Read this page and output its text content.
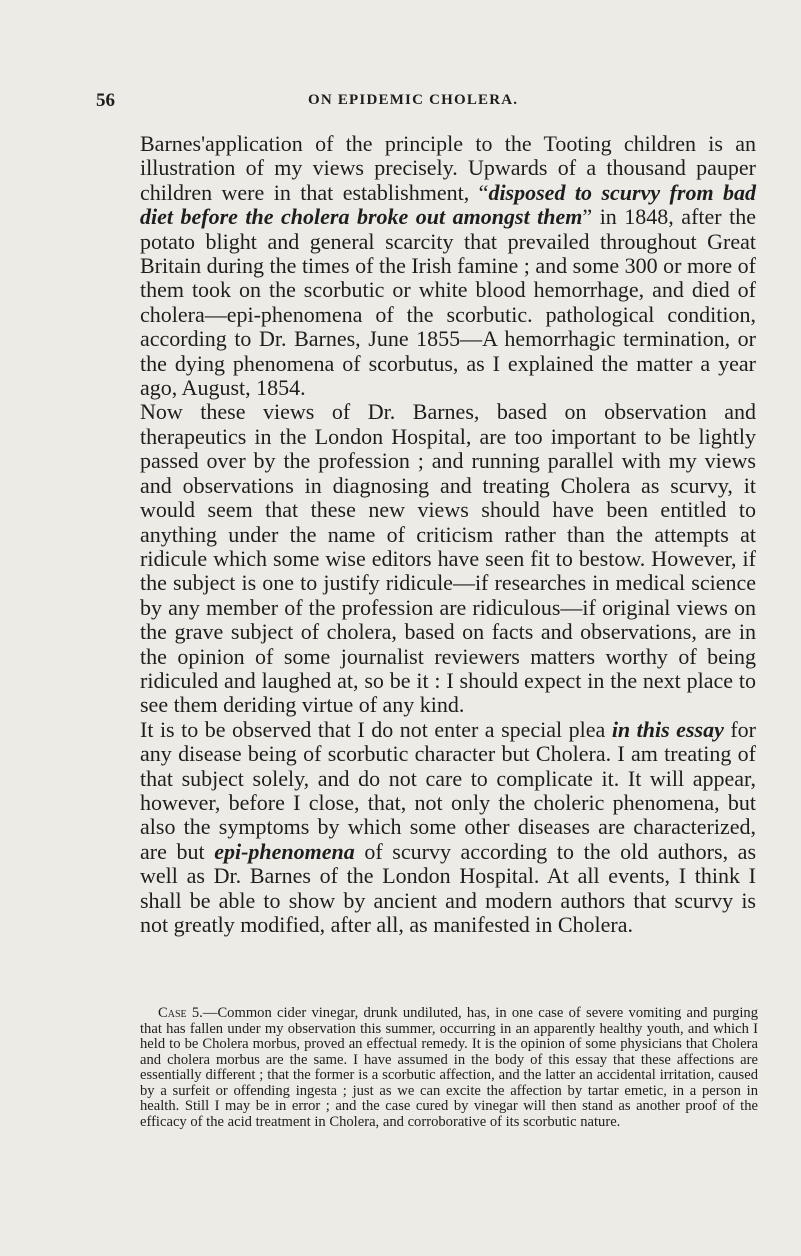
56	ON EPIDEMIC CHOLERA.

Barnes'application of the principle to the Tooting children is an illustration of my views precisely. Upwards of a thousand pauper children were in that establishment, “disposed to scurvy from bad diet before the cholera broke out amongst them” in 1848, after the potato blight and general scarcity that prevailed throughout Great Britain during the times of the Irish famine ; and some 300 or more of them took on the scorbutic or white blood hemorrhage, and died of cholera—epi-phenomena of the scorbutic. pathological condition, according to Dr. Barnes, June 1855—A hemorrhagic termination, or the dying phenomena of scorbutus, as I explained the matter a year ago, August, 1854.

Now these views of Dr. Barnes, based on observation and therapeutics in the London Hospital, are too important to be lightly passed over by the profession ; and running parallel with my views and observations in diagnosing and treating Cholera as scurvy, it would seem that these new views should have been entitled to anything under the name of criticism rather than the attempts at ridicule which some wise editors have seen fit to bestow. However, if the subject is one to justify ridicule—if researches in medical science by any member of the profession are ridiculous—if original views on the grave subject of cholera, based on facts and observations, are in the opinion of some journalist reviewers matters worthy of being ridiculed and laughed at, so be it : I should expect in the next place to see them deriding virtue of any kind.

It is to be observed that I do not enter a special plea in this essay for any disease being of scorbutic character but Cholera. I am treating of that subject solely, and do not care to complicate it. It will appear, however, before I close, that, not only the choleric phenomena, but also the symptoms by which some other diseases are characterized, are but epi-phenomena of scurvy according to the old authors, as well as Dr. Barnes of the London Hospital. At all events, I think I shall be able to show by ancient and modern authors that scurvy is not greatly modified, after all, as manifested in Cholera.

Case 5.—Common cider vinegar, drunk undiluted, has, in one case of severe vomiting and purging that has fallen under my observation this summer, occurring in an apparently healthy youth, and which I held to be Cholera morbus, proved an effectual remedy. It is the opinion of some physicians that Cholera and cholera morbus are the same. I have assumed in the body of this essay that these affections are essentially different ; that the former is a scorbutic affection, and the latter an accidental irritation, caused by a surfeit or offending ingesta ; just as we can excite the affection by tartar emetic, in a person in health. Still I may be in error ; and the case cured by vinegar will then stand as another proof of the efficacy of the acid treatment in Cholera, and corroborative of its scorbutic nature.
